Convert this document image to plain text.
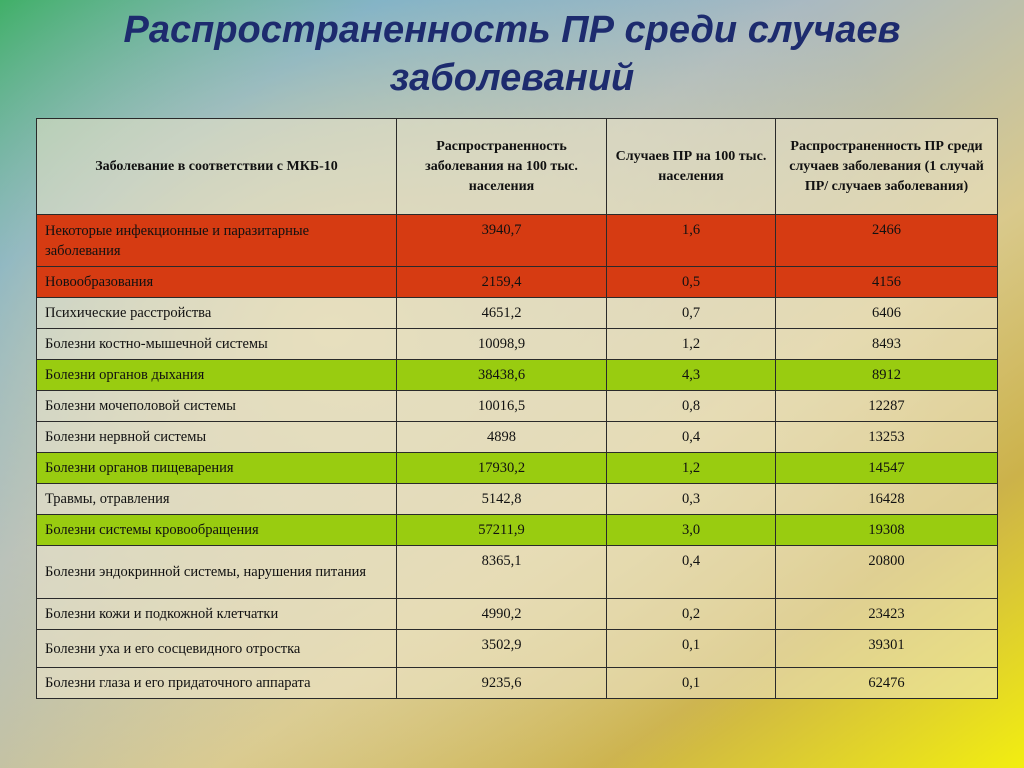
Распространенность ПР среди случаев
заболеваний
Заболевание в соответствии с МКБ-10	Распространенность заболевания на 100 тыс. населения	Случаев ПР на 100 тыс. населения	Распространенность ПР среди случаев заболевания (1 случай ПР/ случаев заболевания)
Некоторые инфекционные и паразитарные заболевания	3940,7	1,6	2466
Новообразования	2159,4	0,5	4156
Психические расстройства	4651,2	0,7	6406
Болезни костно-мышечной системы	10098,9	1,2	8493
Болезни органов дыхания	38438,6	4,3	8912
Болезни мочеполовой системы	10016,5	0,8	12287
Болезни нервной системы	4898	0,4	13253
Болезни органов пищеварения	17930,2	1,2	14547
Травмы, отравления	5142,8	0,3	16428
Болезни системы кровообращения	57211,9	3,0	19308
Болезни эндокринной системы, нарушения питания	8365,1	0,4	20800
Болезни кожи и подкожной клетчатки	4990,2	0,2	23423
Болезни уха и его сосцевидного отростка	3502,9	0,1	39301
Болезни глаза и его придаточного аппарата	9235,6	0,1	62476
